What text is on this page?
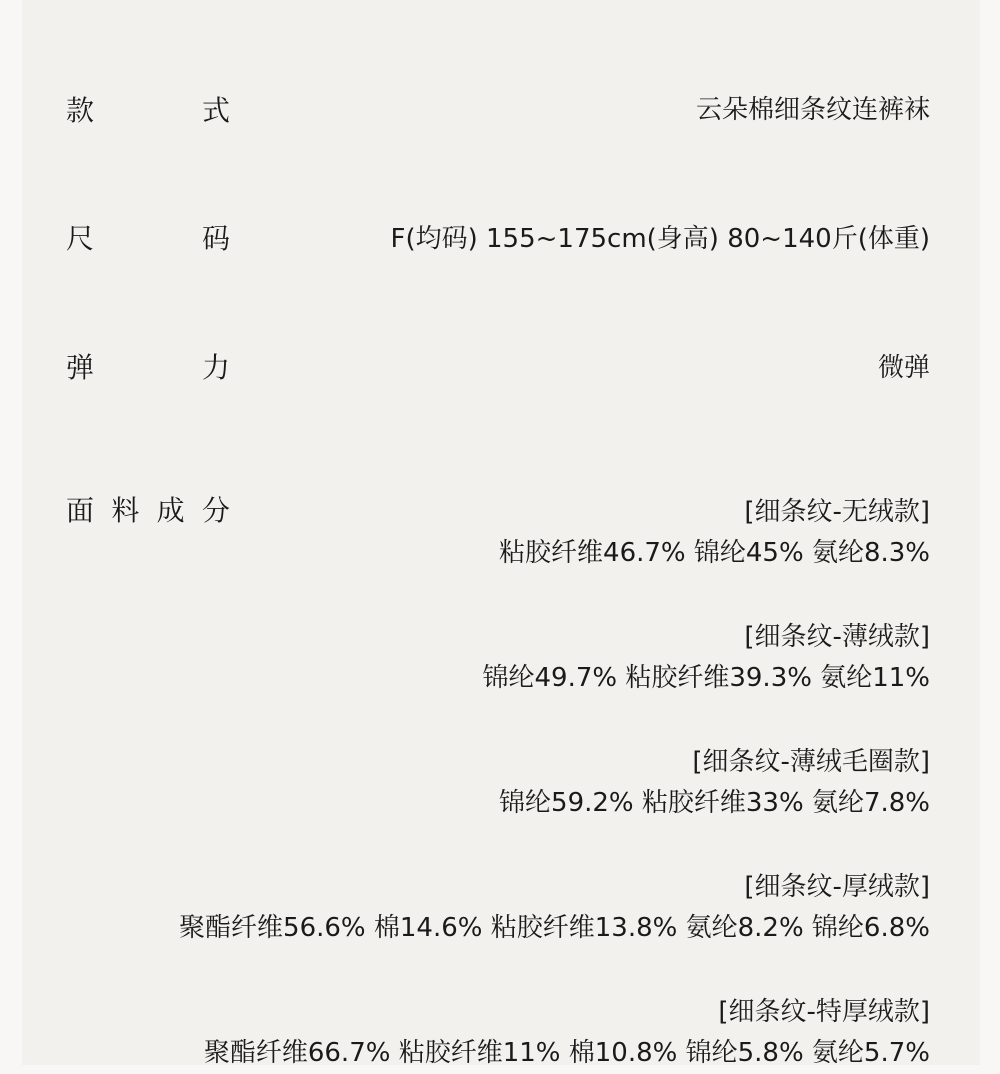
款	式	云朵棉细条纹连裤袜
尺	码	F(均码) 155~175cm(身高) 80~140斤(体重)
弹	力	微弹
面 料 成 分	[细条纹-无绒款]
粘胶纤维46.7% 锦纶45% 氨纶8.3%
[细条纹-薄绒款]
锦纶49.7% 粘胶纤维39.3% 氨纶11%
[细条纹-薄绒毛圈款]
锦纶59.2% 粘胶纤维33% 氨纶7.8%
[细条纹-厚绒款]
聚酯纤维56.6% 棉14.6% 粘胶纤维13.8% 氨纶8.2% 锦纶6.8%
[细条纹-特厚绒款]
聚酯纤维66.7% 粘胶纤维11% 棉10.8% 锦纶5.8% 氨纶5.7%
